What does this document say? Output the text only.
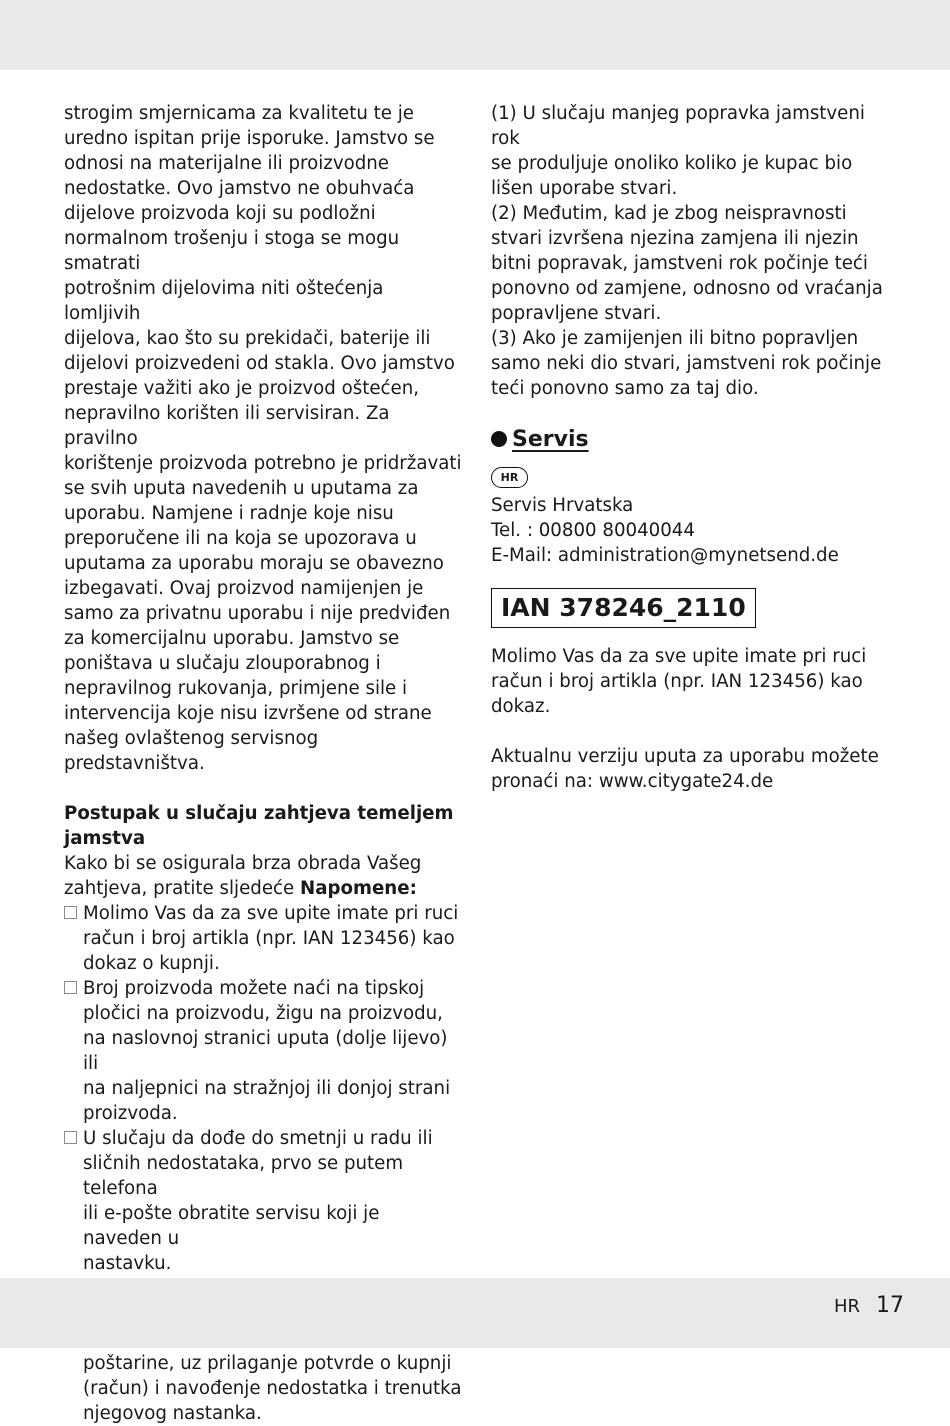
strogim smjernicama za kvalitetu te je
uredno ispitan prije isporuke. Jamstvo se
odnosi na materijalne ili proizvodne
nedostatke. Ovo jamstvo ne obuhvaća
dijelove proizvoda koji su podložni
normalnom trošenju i stoga se mogu smatrati
potrošnim dijelovima niti oštećenja lomljivih
dijelova, kao što su prekidači, baterije ili
dijelovi proizvedeni od stakla. Ovo jamstvo
prestaje važiti ako je proizvod oštećen,
nepravilno korišten ili servisiran. Za pravilno
korištenje proizvoda potrebno je pridržavati
se svih uputa navedenih u uputama za
uporabu. Namjene i radnje koje nisu
preporučene ili na koja se upozorava u
uputama za uporabu moraju se obavezno
izbegavati. Ovaj proizvod namijenjen je
samo za privatnu uporabu i nije predviđen
za komercijalnu uporabu. Jamstvo se
poništava u slučaju zlouporabnog i
nepravilnog rukovanja, primjene sile i
intervencija koje nisu izvršene od strane
našeg ovlaštenog servisnog predstavništva.

Postupak u slučaju zahtjeva temeljem
jamstva

Kako bi se osigurala brza obrada Vašeg
zahtjeva, pratite sljedeće Napomene:

Molimo Vas da za sve upite imate pri ruci
račun i broj artikla (npr. IAN 123456) kao
dokaz o kupnji.
Broj proizvoda možete naći na tipskoj
pločici na proizvodu, žigu na proizvodu,
na naslovnoj stranici uputa (dolje lijevo) ili
na naljepnici na stražnjoj ili donjoj strani
proizvoda.
U slučaju da dođe do smetnji u radu ili
sličnih nedostataka, prvo se putem telefona
ili e-pošte obratite servisu koji je naveden u
nastavku.

poštarine, uz prilaganje potvrde o kupnji
(račun) i navođenje nedostatka i trenutka
njegovog nastanka.

(1) U slučaju manjeg popravka jamstveni rok
se produljuje onoliko koliko je kupac bio
lišen uporabe stvari.
(2) Međutim, kad je zbog neispravnosti
stvari izvršena njezina zamjena ili njezin
bitni popravak, jamstveni rok počinje teći
ponovno od zamjene, odnosno od vraćanja
popravljene stvari.
(3) Ako je zamijenjen ili bitno popravljen
samo neki dio stvari, jamstveni rok počinje
teći ponovno samo za taj dio.

Servis
HR

Servis Hrvatska
Tel. : 00800 80040044
E-Mail: administration@mynetsend.de

IAN 378246_2110

Molimo Vas da za sve upite imate pri ruci
račun i broj artikla (npr. IAN 123456) kao
dokaz.

Aktualnu verziju uputa za uporabu možete
pronaći na: www.citygate24.de

HR 17
